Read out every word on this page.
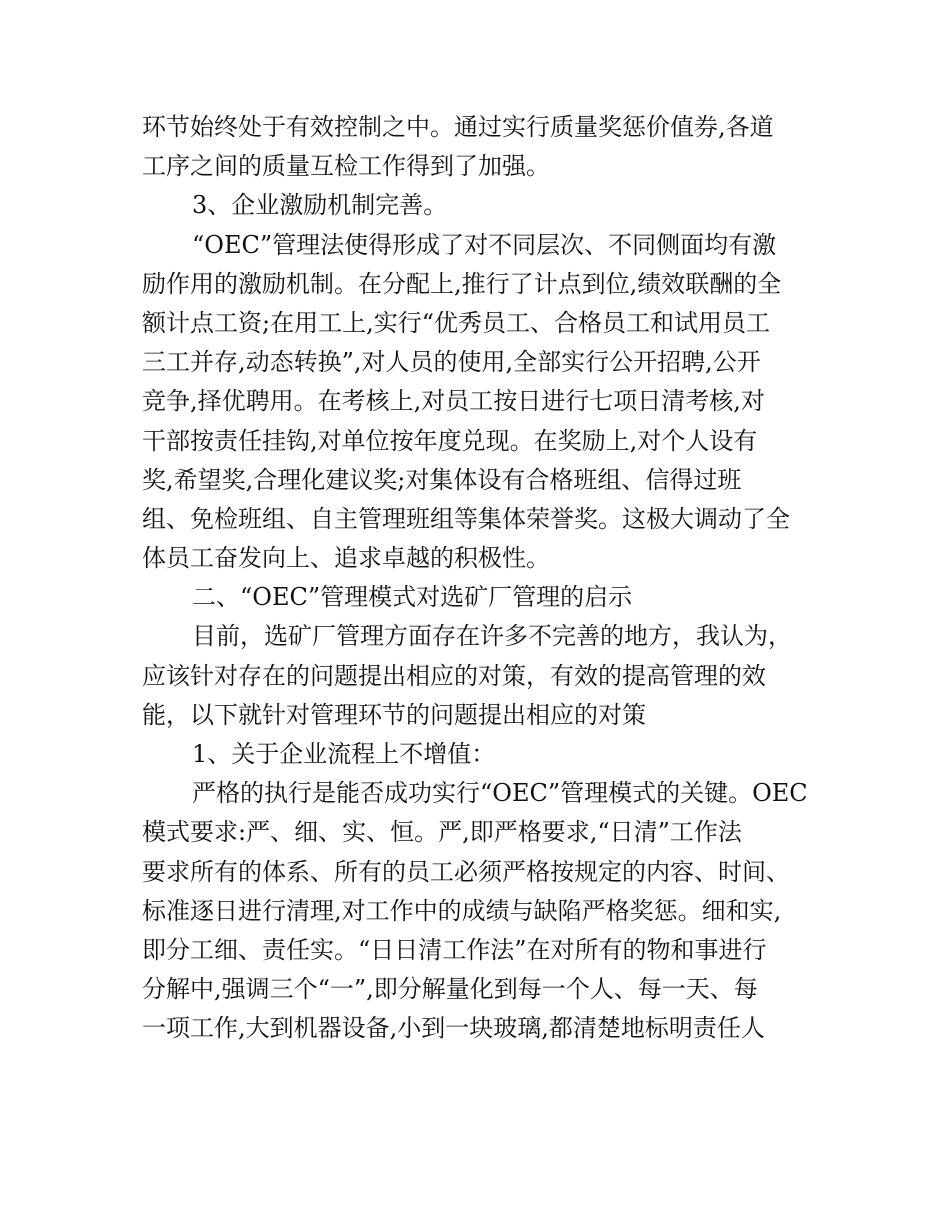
环节始终处于有效控制之中。通过实行质量奖惩价值券,各道
工序之间的质量互检工作得到了加强。
3、企业激励机制完善。
“OEC”管理法使得形成了对不同层次、不同侧面均有激
励作用的激励机制。在分配上,推行了计点到位,绩效联酬的全
额计点工资;在用工上,实行“优秀员工、合格员工和试用员工
三工并存,动态转换”,对人员的使用,全部实行公开招聘,公开
竞争,择优聘用。在考核上,对员工按日进行七项日清考核,对
干部按责任挂钩,对单位按年度兑现。在奖励上,对个人设有
奖,希望奖,合理化建议奖;对集体设有合格班组、信得过班
组、免检班组、自主管理班组等集体荣誉奖。这极大调动了全
体员工奋发向上、追求卓越的积极性。
二、“OEC”管理模式对选矿厂管理的启示
目前，选矿厂管理方面存在许多不完善的地方，我认为，
应该针对存在的问题提出相应的对策，有效的提高管理的效
能，以下就针对管理环节的问题提出相应的对策
1、关于企业流程上不增值：
严格的执行是能否成功实行“OEC”管理模式的关键。OEC
模式要求:严、细、实、恒。严,即严格要求,“日清”工作法
要求所有的体系、所有的员工必须严格按规定的内容、时间、
标准逐日进行清理,对工作中的成绩与缺陷严格奖惩。细和实,
即分工细、责任实。“日日清工作法”在对所有的物和事进行
分解中,强调三个“一”,即分解量化到每一个人、每一天、每
一项工作,大到机器设备,小到一块玻璃,都清楚地标明责任人
